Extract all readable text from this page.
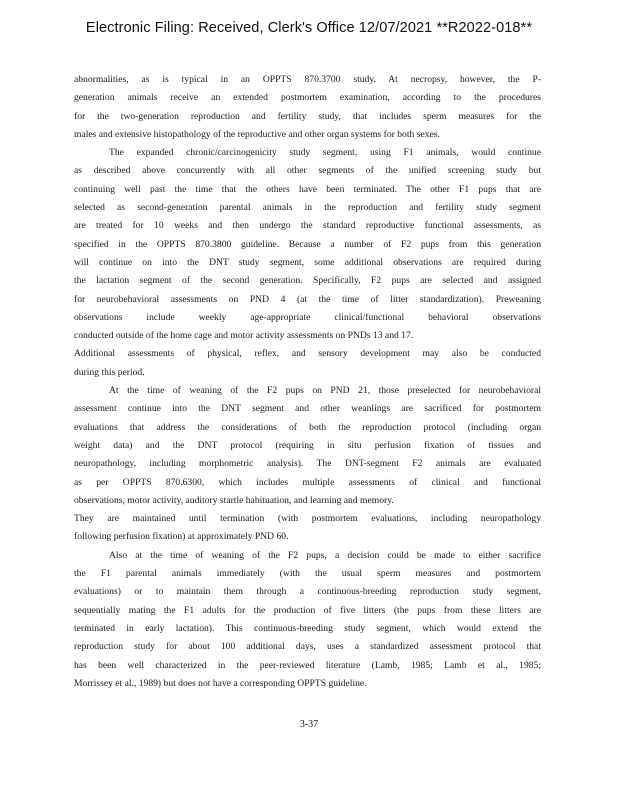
Electronic Filing: Received, Clerk's Office 12/07/2021 **R2022-018**
abnormalities, as is typical in an OPPTS 870.3700 study. At necropsy, however, the P-
generation animals receive an extended postmortem examination, according to the procedures
for the two-generation reproduction and fertility study, that includes sperm measures for the
males and extensive histopathology of the reproductive and other organ systems for both sexes.
The expanded chronic/carcinogenicity study segment, using F1 animals, would continue
as described above concurrently with all other segments of the unified screening study but
continuing well past the time that the others have been terminated. The other F1 pups that are
selected as second-generation parental animals in the reproduction and fertility study segment
are treated for 10 weeks and then undergo the standard reproductive functional assessments, as
specified in the OPPTS 870.3800 guideline. Because a number of F2 pups from this generation
will continue on into the DNT study segment, some additional observations are required during
the lactation segment of the second generation. Specifically, F2 pups are selected and assigned
for neurobehavioral assessments on PND 4 (at the time of litter standardization). Preweaning
observations include weekly age-appropriate clinical/functional behavioral observations
conducted outside of the home cage and motor activity assessments on PNDs 13 and 17.
Additional assessments of physical, reflex, and sensory development may also be conducted
during this period.
At the time of weaning of the F2 pups on PND 21, those preselected for neurobehavioral
assessment continue into the DNT segment and other weanlings are sacrificed for postmortem
evaluations that address the considerations of both the reproduction protocol (including organ
weight data) and the DNT protocol (requiring in situ perfusion fixation of tissues and
neuropathology, including morphometric analysis). The DNT-segment F2 animals are evaluated
as per OPPTS 870.6300, which includes multiple assessments of clinical and functional
observations, motor activity, auditory startle habituation, and learning and memory.
They are maintained until termination (with postmortem evaluations, including neuropathology
following perfusion fixation) at approximately PND 60.
Also at the time of weaning of the F2 pups, a decision could be made to either sacrifice
the F1 parental animals immediately (with the usual sperm measures and postmortem
evaluations) or to maintain them through a continuous-breeding reproduction study segment,
sequentially mating the F1 adults for the production of five litters (the pups from these litters are
terminated in early lactation). This continuous-breeding study segment, which would extend the
reproduction study for about 100 additional days, uses a standardized assessment protocol that
has been well characterized in the peer-reviewed literature (Lamb, 1985; Lamb et al., 1985;
Morrissey et al., 1989) but does not have a corresponding OPPTS guideline.
3-37
